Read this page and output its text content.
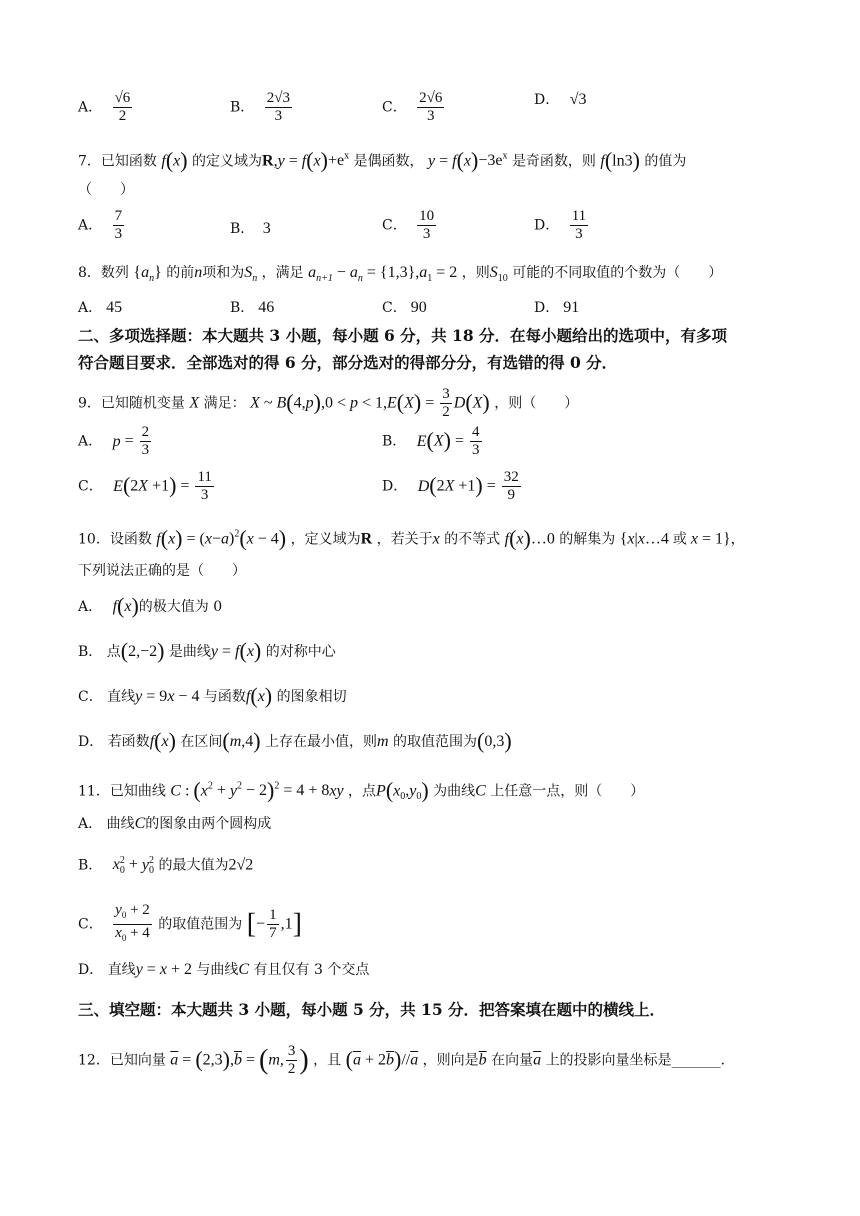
A． $\frac{√6}{2}$	B． $\frac{2√3}{3}$	C． $\frac{2√6}{3}$	D． √3
7．已知函数 f(x) 的定义域为$R,y = f(x)+e^x$ 是偶函数， $y = f(x)-3e^x$ 是奇函数，则 f(ln3) 的值为
（　　）
A． $\frac{7}{3}$	B． 3	C． $\frac{10}{3}$	D． $\frac{11}{3}$
8．数列 $\{a_n\}$ 的前n项和为$S_n$ ，满足 $a_{n+1} - a_n = \{1,3\},a_1 = 2$ ，则$S_{10}$ 可能的不同取值的个数为（　　）
A． 45	B． 46	C． 90	D． 91
二、多项选择题：本大题共 3 小题，每小题 6 分，共 18 分．在每小题给出的选项中，有多项
符合题目要求．全部选对的得 6 分，部分选对的得部分分，有选错的得 0 分．
9．已知随机变量 X 满足： X ~ $B(4,p),0 < p < 1,E(X) = \frac{3}{2} D(X)$ ，则（　　）
A． $p = \frac{2}{3}$	B． $E(X) = \frac{4}{3}$
C． $E(2X +1) = \frac{11}{3}$	D． $D(2X +1) = \frac{32}{9}$
10．设函数 $f(x) = (x-a)^2(x - 4)$ ，定义域为R ，若关于x 的不等式 f(x)…0 的解集为 {x|x…4 或 x = 1}，
下列说法正确的是（　　）
A． f(x)的极大值为 0
B． 点(2,−2) 是曲线y = f(x) 的对称中心
C． 直线y = 9x − 4 与函数f(x) 的图象相切
D． 若函数f(x) 在区间(m,4) 上存在最小值，则m 的取值范围为(0,3)
11．已知曲线 C : $(x^2 + y^2 - 2)^2 = 4 + 8xy$ ，点$P(x_0,y_0)$ 为曲线C 上任意一点，则（　　）
A． 曲线C的图象由两个圆构成
B． $x_0^2 + y_0^2$ 的最大值为2√2
C． $\frac{y_0 + 2}{x_0 + 4}$ 的取值范围为 [− $\frac{1}{7} ,1$]
D． 直线y = x + 2 与曲线C 有且仅有 3 个交点
三、填空题：本大题共 3 小题，每小题 5 分，共 15 分．把答案填在题中的横线上．
12．已知向量 $\overline{a} = (2,3),\overline{b} = (m$, $\frac{3}{2}$ ) ，且 $(\overline{a} + 2\overline{b})//\overline{a}$ ，则向是$\overline{b}$ 在向量$\overline{a}$ 上的投影向量坐标是_______．
